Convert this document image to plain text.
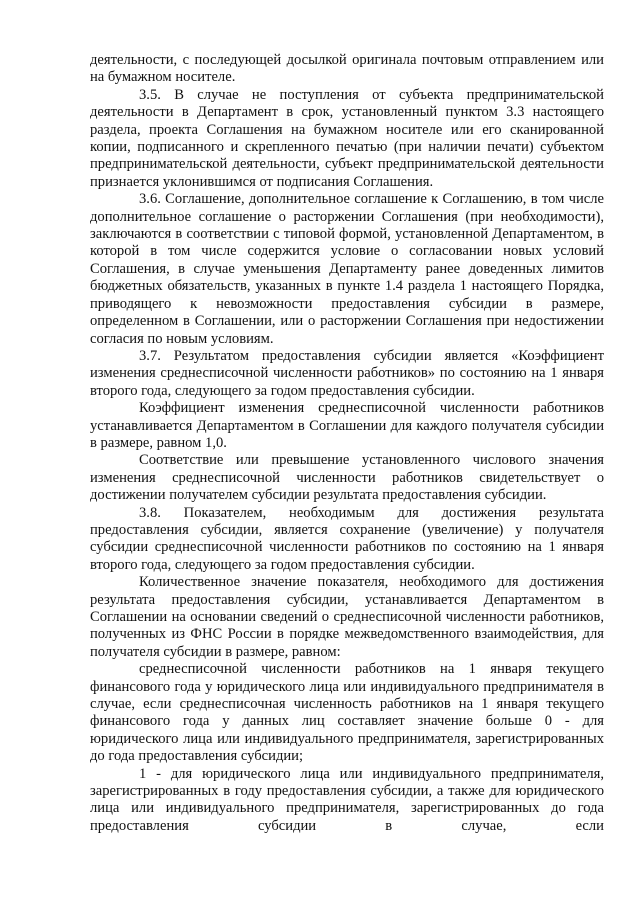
деятельности, с последующей досылкой оригинала почтовым отправлением или на бумажном носителе.

3.5. В случае не поступления от субъекта предпринимательской деятельности в Департамент в срок, установленный пунктом 3.3 настоящего раздела, проекта Соглашения на бумажном носителе или его сканированной копии, подписанного и скрепленного печатью (при наличии печати) субъектом предпринимательской деятельности, субъект предпринимательской деятельности признается уклонившимся от подписания Соглашения.

3.6. Соглашение, дополнительное соглашение к Соглашению, в том числе дополнительное соглашение о расторжении Соглашения (при необходимости), заключаются в соответствии с типовой формой, установленной Департаментом, в которой в том числе содержится условие о согласовании новых условий Соглашения, в случае уменьшения Департаменту ранее доведенных лимитов бюджетных обязательств, указанных в пункте 1.4 раздела 1 настоящего Порядка, приводящего к невозможности предоставления субсидии в размере, определенном в Соглашении, или о расторжении Соглашения при недостижении согласия по новым условиям.

3.7. Результатом предоставления субсидии является «Коэффициент изменения среднесписочной численности работников» по состоянию на 1 января второго года, следующего за годом предоставления субсидии.

Коэффициент изменения среднесписочной численности работников устанавливается Департаментом в Соглашении для каждого получателя субсидии в размере, равном 1,0.

Соответствие или превышение установленного числового значения изменения среднесписочной численности работников свидетельствует о достижении получателем субсидии результата предоставления субсидии.

3.8. Показателем, необходимым для достижения результата предоставления субсидии, является сохранение (увеличение) у получателя субсидии среднесписочной численности работников по состоянию на 1 января второго года, следующего за годом предоставления субсидии.

Количественное значение показателя, необходимого для достижения результата предоставления субсидии, устанавливается Департаментом в Соглашении на основании сведений о среднесписочной численности работников, полученных из ФНС России в порядке межведомственного взаимодействия, для получателя субсидии в размере, равном:

среднесписочной численности работников на 1 января текущего финансового года у юридического лица или индивидуального предпринимателя в случае, если среднесписочная численность работников на 1 января текущего финансового года у данных лиц составляет значение больше 0 - для юридического лица или индивидуального предпринимателя, зарегистрированных до года предоставления субсидии;

1 - для юридического лица или индивидуального предпринимателя, зарегистрированных в году предоставления субсидии, а также для юридического лица или индивидуального предпринимателя, зарегистрированных до года предоставления субсидии в случае, если
